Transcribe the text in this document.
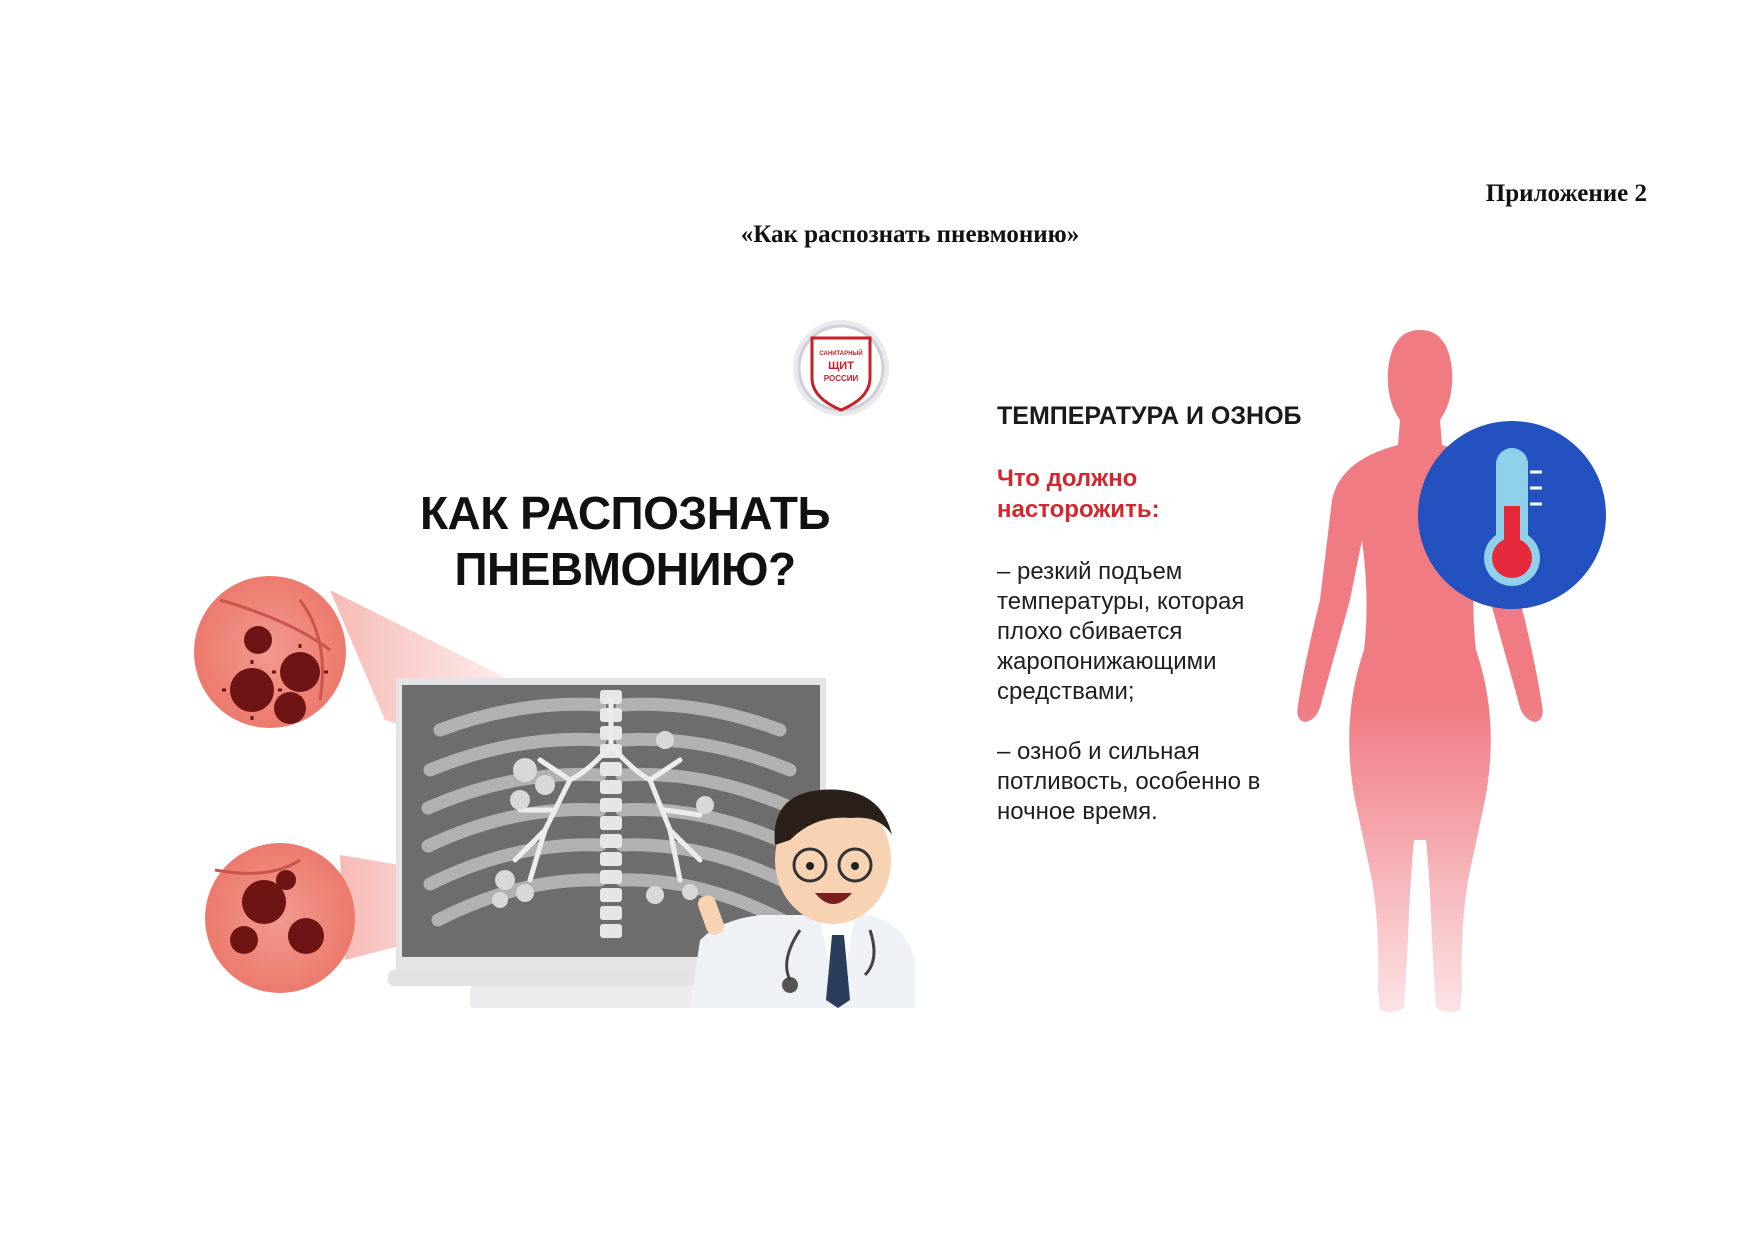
Приложение 2
«Как распознать пневмонию»
САНИТАРНЫЙ
ЩИТ
РОССИИ
КАК РАСПОЗНАТЬ
ПНЕВМОНИЮ?
ТЕМПЕРАТУРА И ОЗНОБ
Что должно насторожить:
– резкий подъем температуры, которая плохо сбивается жаропонижающими средствами;
– озноб и сильная потливость, особенно в ночное время.
